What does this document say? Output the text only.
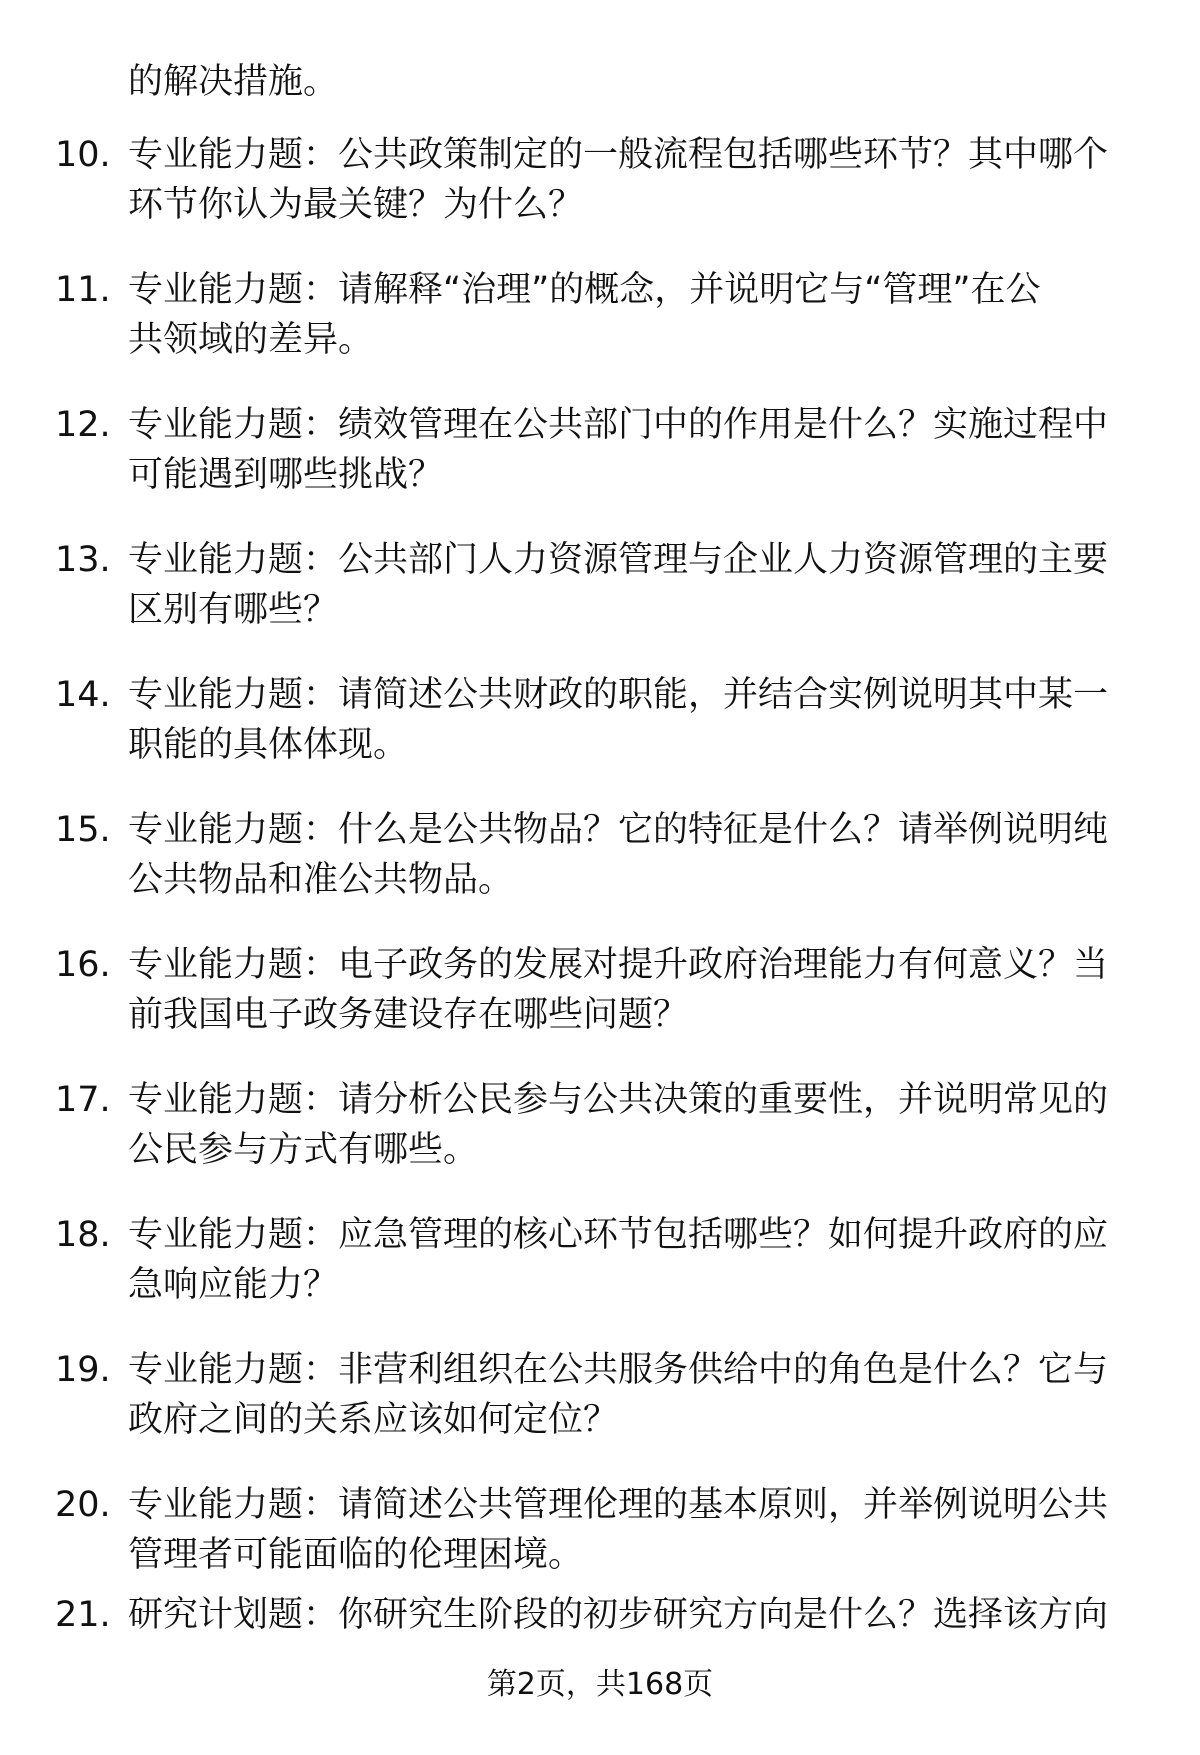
的解决措施。
10. 专业能力题：公共政策制定的一般流程包括哪些环节？其中哪个
环节你认为最关键？为什么？
11. 专业能力题：请解释“治理”的概念，并说明它与“管理”在公
共领域的差异。
12. 专业能力题：绩效管理在公共部门中的作用是什么？实施过程中
可能遇到哪些挑战？
13. 专业能力题：公共部门人力资源管理与企业人力资源管理的主要
区别有哪些？
14. 专业能力题：请简述公共财政的职能，并结合实例说明其中某一
职能的具体体现。
15. 专业能力题：什么是公共物品？它的特征是什么？请举例说明纯
公共物品和准公共物品。
16. 专业能力题：电子政务的发展对提升政府治理能力有何意义？当
前我国电子政务建设存在哪些问题？
17. 专业能力题：请分析公民参与公共决策的重要性，并说明常见的
公民参与方式有哪些。
18. 专业能力题：应急管理的核心环节包括哪些？如何提升政府的应
急响应能力？
19. 专业能力题：非营利组织在公共服务供给中的角色是什么？它与
政府之间的关系应该如何定位？
20. 专业能力题：请简述公共管理伦理的基本原则，并举例说明公共
管理者可能面临的伦理困境。
21. 研究计划题：你研究生阶段的初步研究方向是什么？选择该方向
第2页，共168页
